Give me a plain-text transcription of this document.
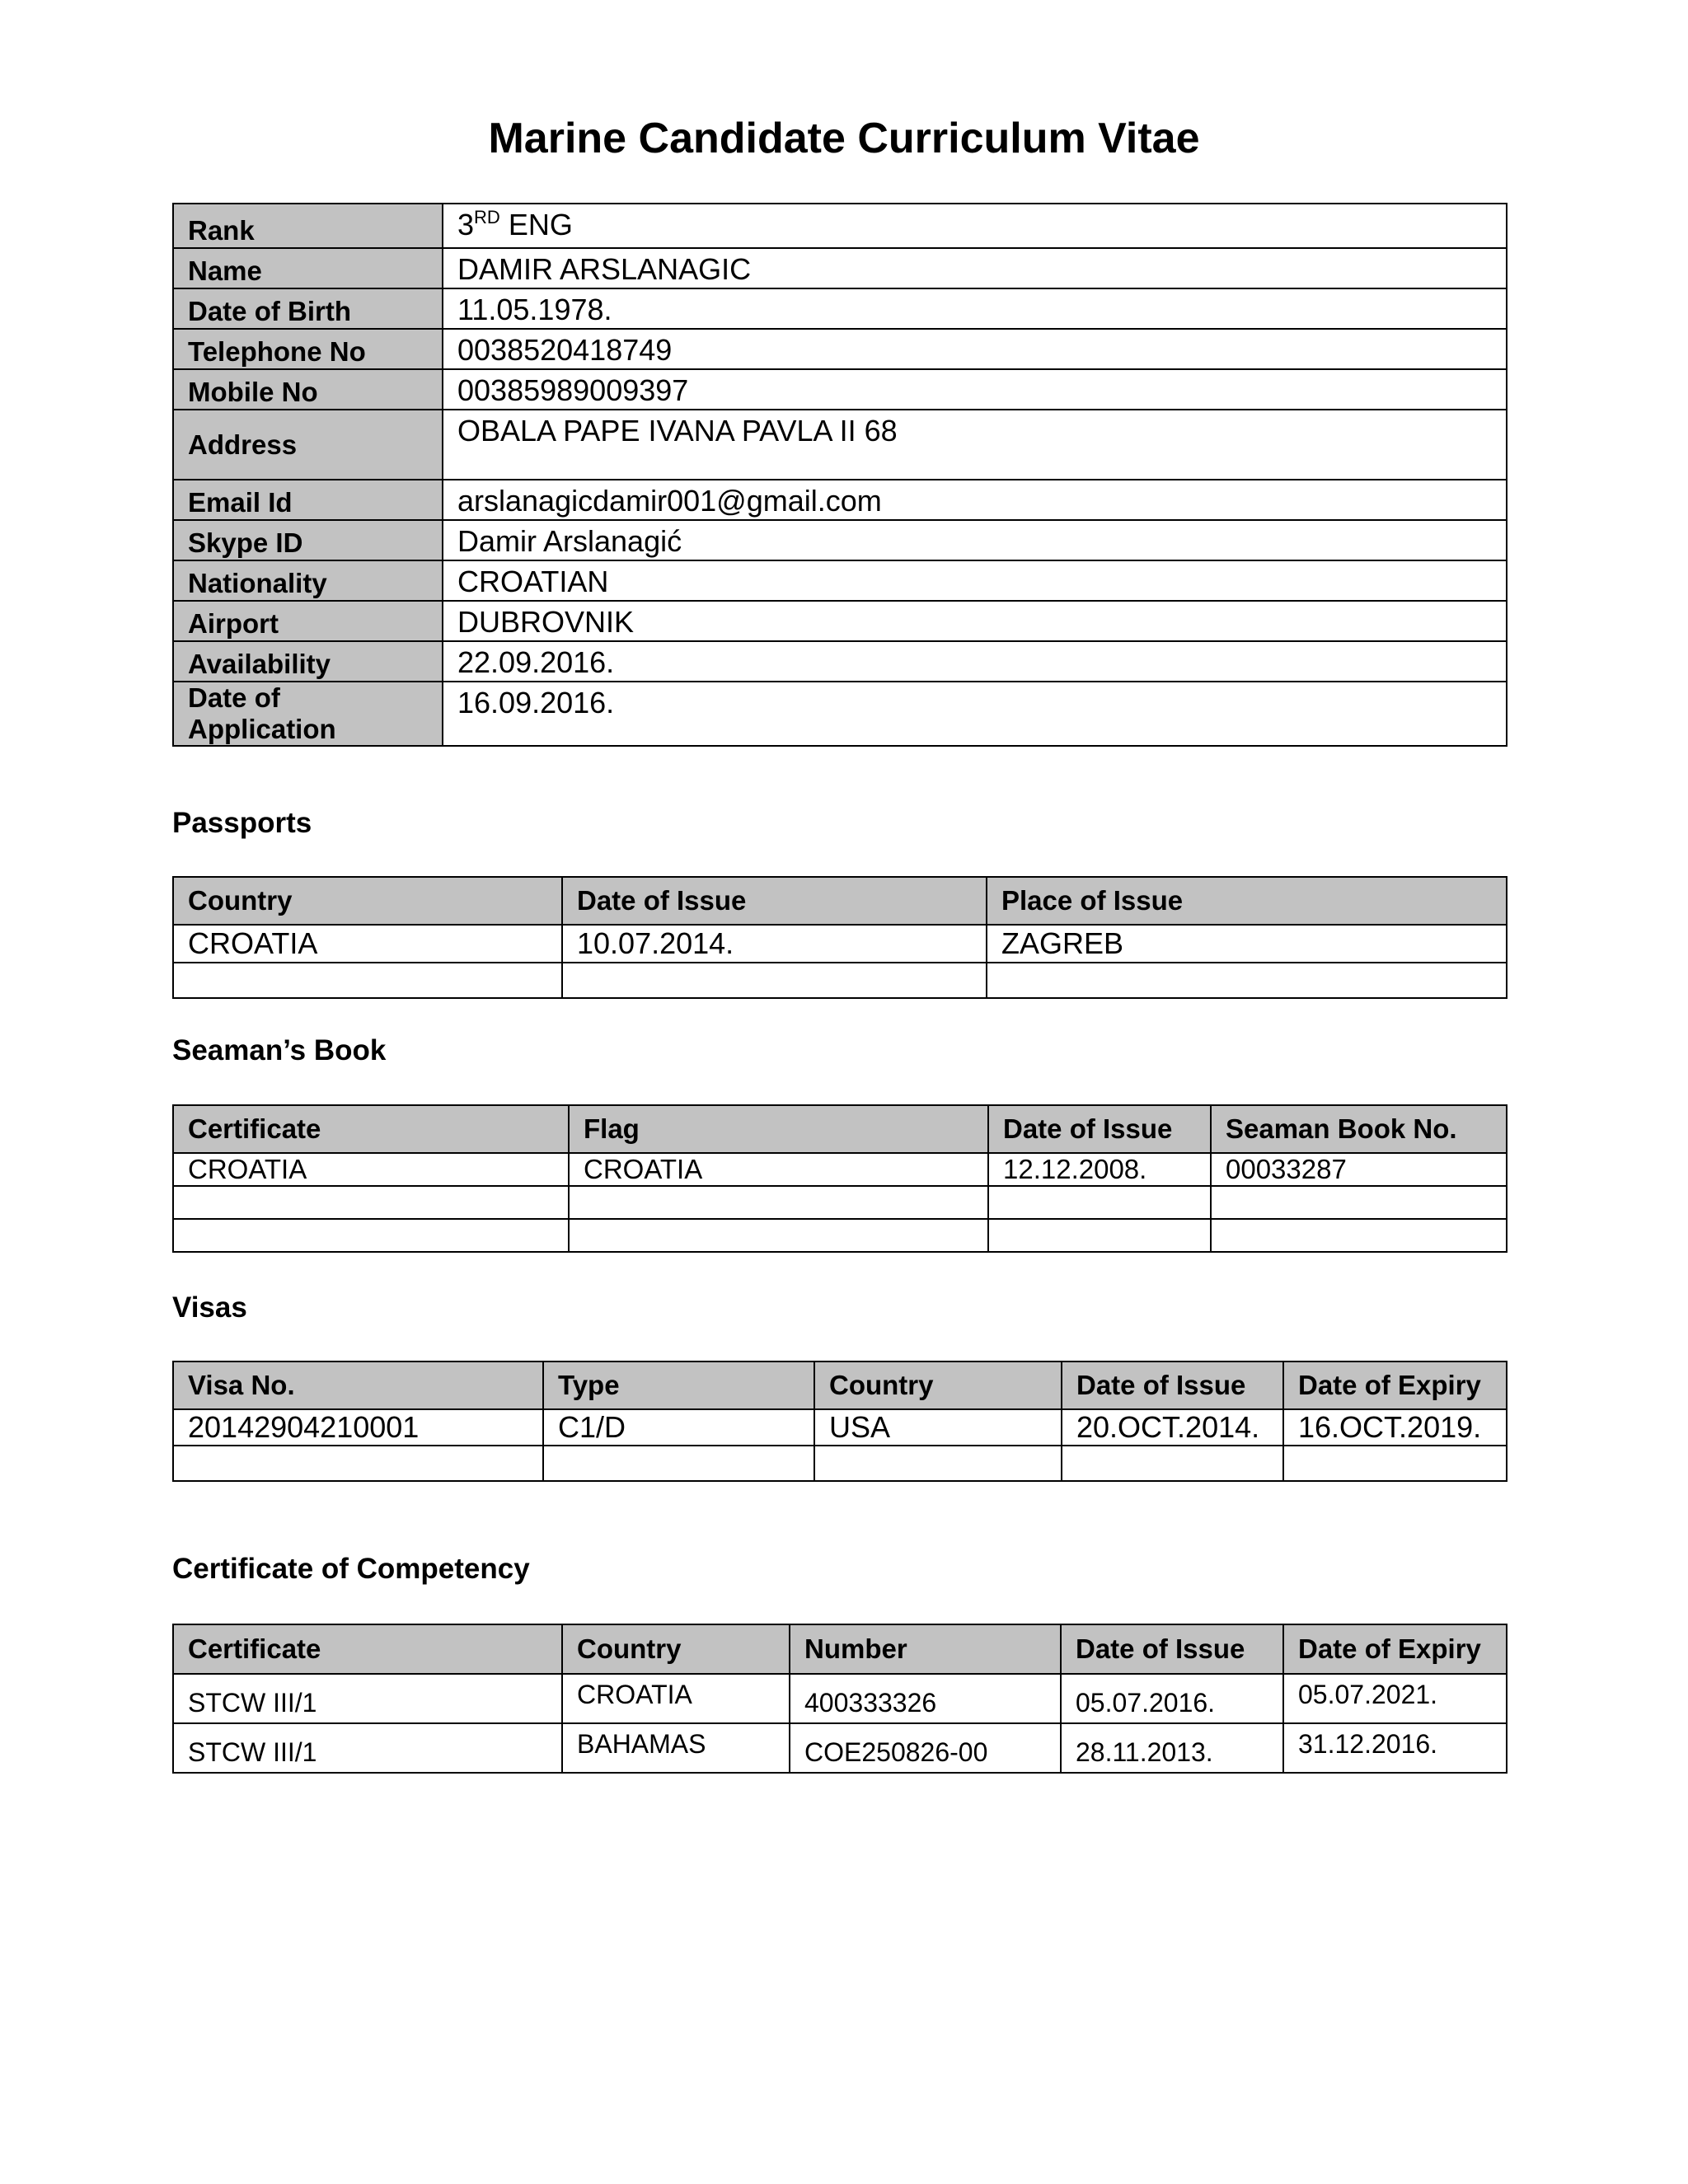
Marine Candidate Curriculum Vitae
Rank	3RD ENG
Name	DAMIR ARSLANAGIC
Date of Birth	11.05.1978.
Telephone No	0038520418749
Mobile No	00385989009397
Address	OBALA PAPE IVANA PAVLA II 68
Email Id	arslanagicdamir001@gmail.com
Skype ID	Damir Arslanagić
Nationality	CROATIAN
Airport	DUBROVNIK
Availability	22.09.2016.
Date of Application	16.09.2016.
Passports
Country	Date of Issue	Place of Issue
CROATIA	10.07.2014.	ZAGREB

Seaman’s Book
Certificate	Flag	Date of Issue	Seaman Book No.
CROATIA	CROATIA	12.12.2008.	00033287

Visas
Visa No.	Type	Country	Date of Issue	Date of Expiry
20142904210001	C1/D	USA	20.OCT.2014.	16.OCT.2019.

Certificate of Competency
Certificate	Country	Number	Date of Issue	Date of Expiry
STCW III/1	CROATIA	400333326	05.07.2016.	05.07.2021.
STCW III/1	BAHAMAS	COE250826-00	28.11.2013.	31.12.2016.
